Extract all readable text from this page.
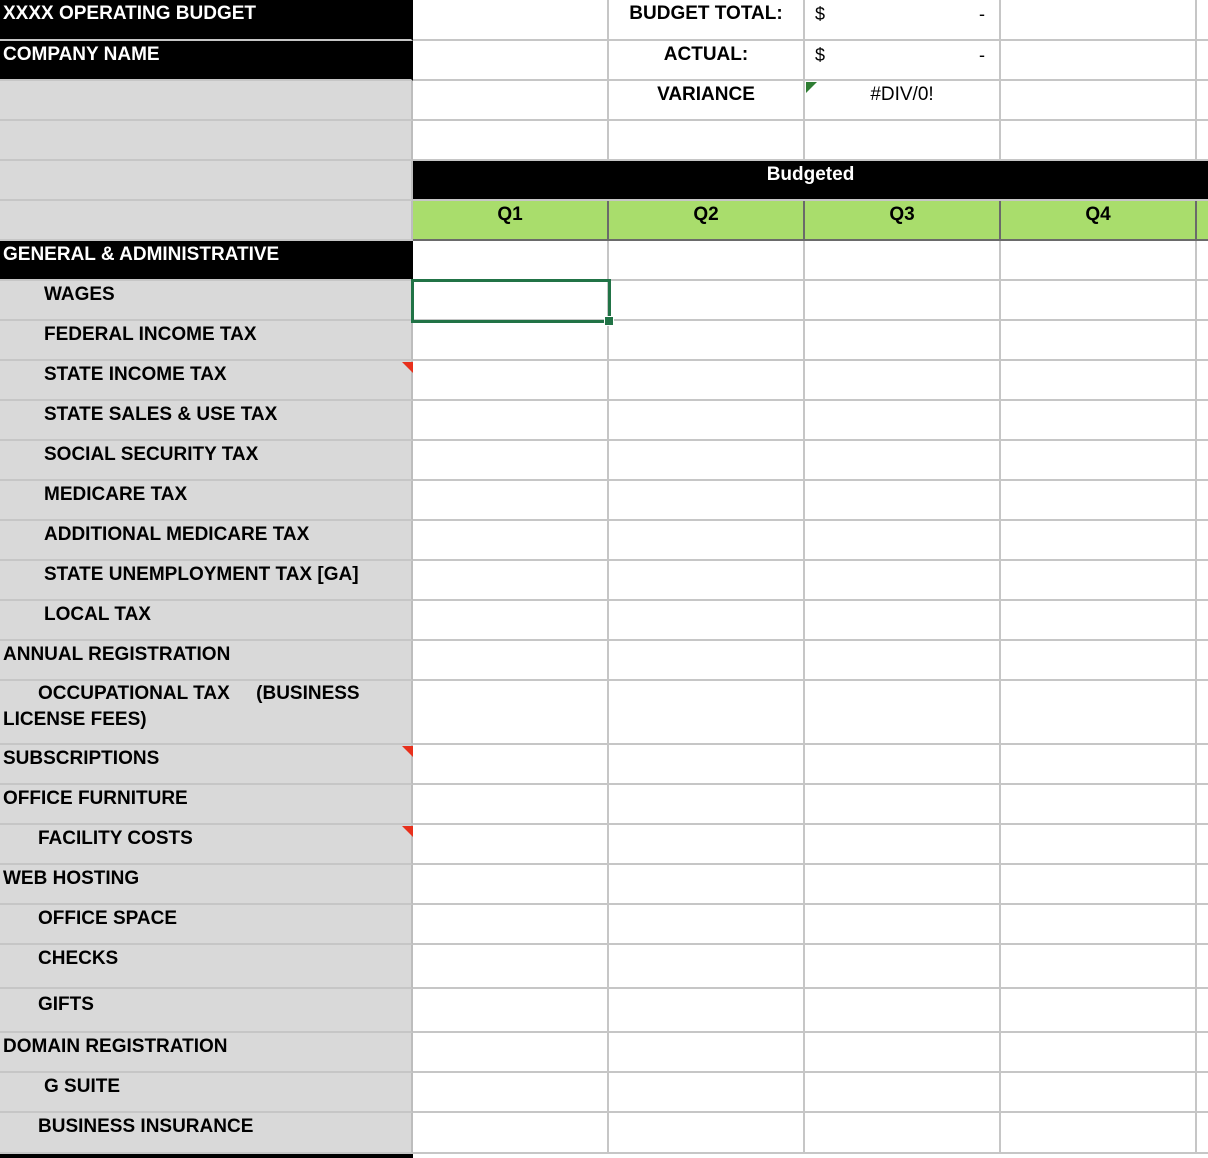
XXXX OPERATING BUDGET	BUDGET TOTAL:	$	-
COMPANY NAME	ACTUAL:	$	-
VARIANCE	#DIV/0!
Budgeted
Q1	Q2	Q3	Q4
GENERAL & ADMINISTRATIVE
WAGES
FEDERAL INCOME TAX
STATE INCOME TAX
STATE SALES & USE TAX
SOCIAL SECURITY TAX
MEDICARE TAX
ADDITIONAL MEDICARE TAX
STATE UNEMPLOYMENT TAX [GA]
LOCAL TAX
ANNUAL REGISTRATION
OCCUPATIONAL TAX     (BUSINESS LICENSE FEES)
SUBSCRIPTIONS
OFFICE FURNITURE
FACILITY COSTS
WEB HOSTING
OFFICE SPACE
CHECKS
GIFTS
DOMAIN REGISTRATION
G SUITE
BUSINESS INSURANCE
